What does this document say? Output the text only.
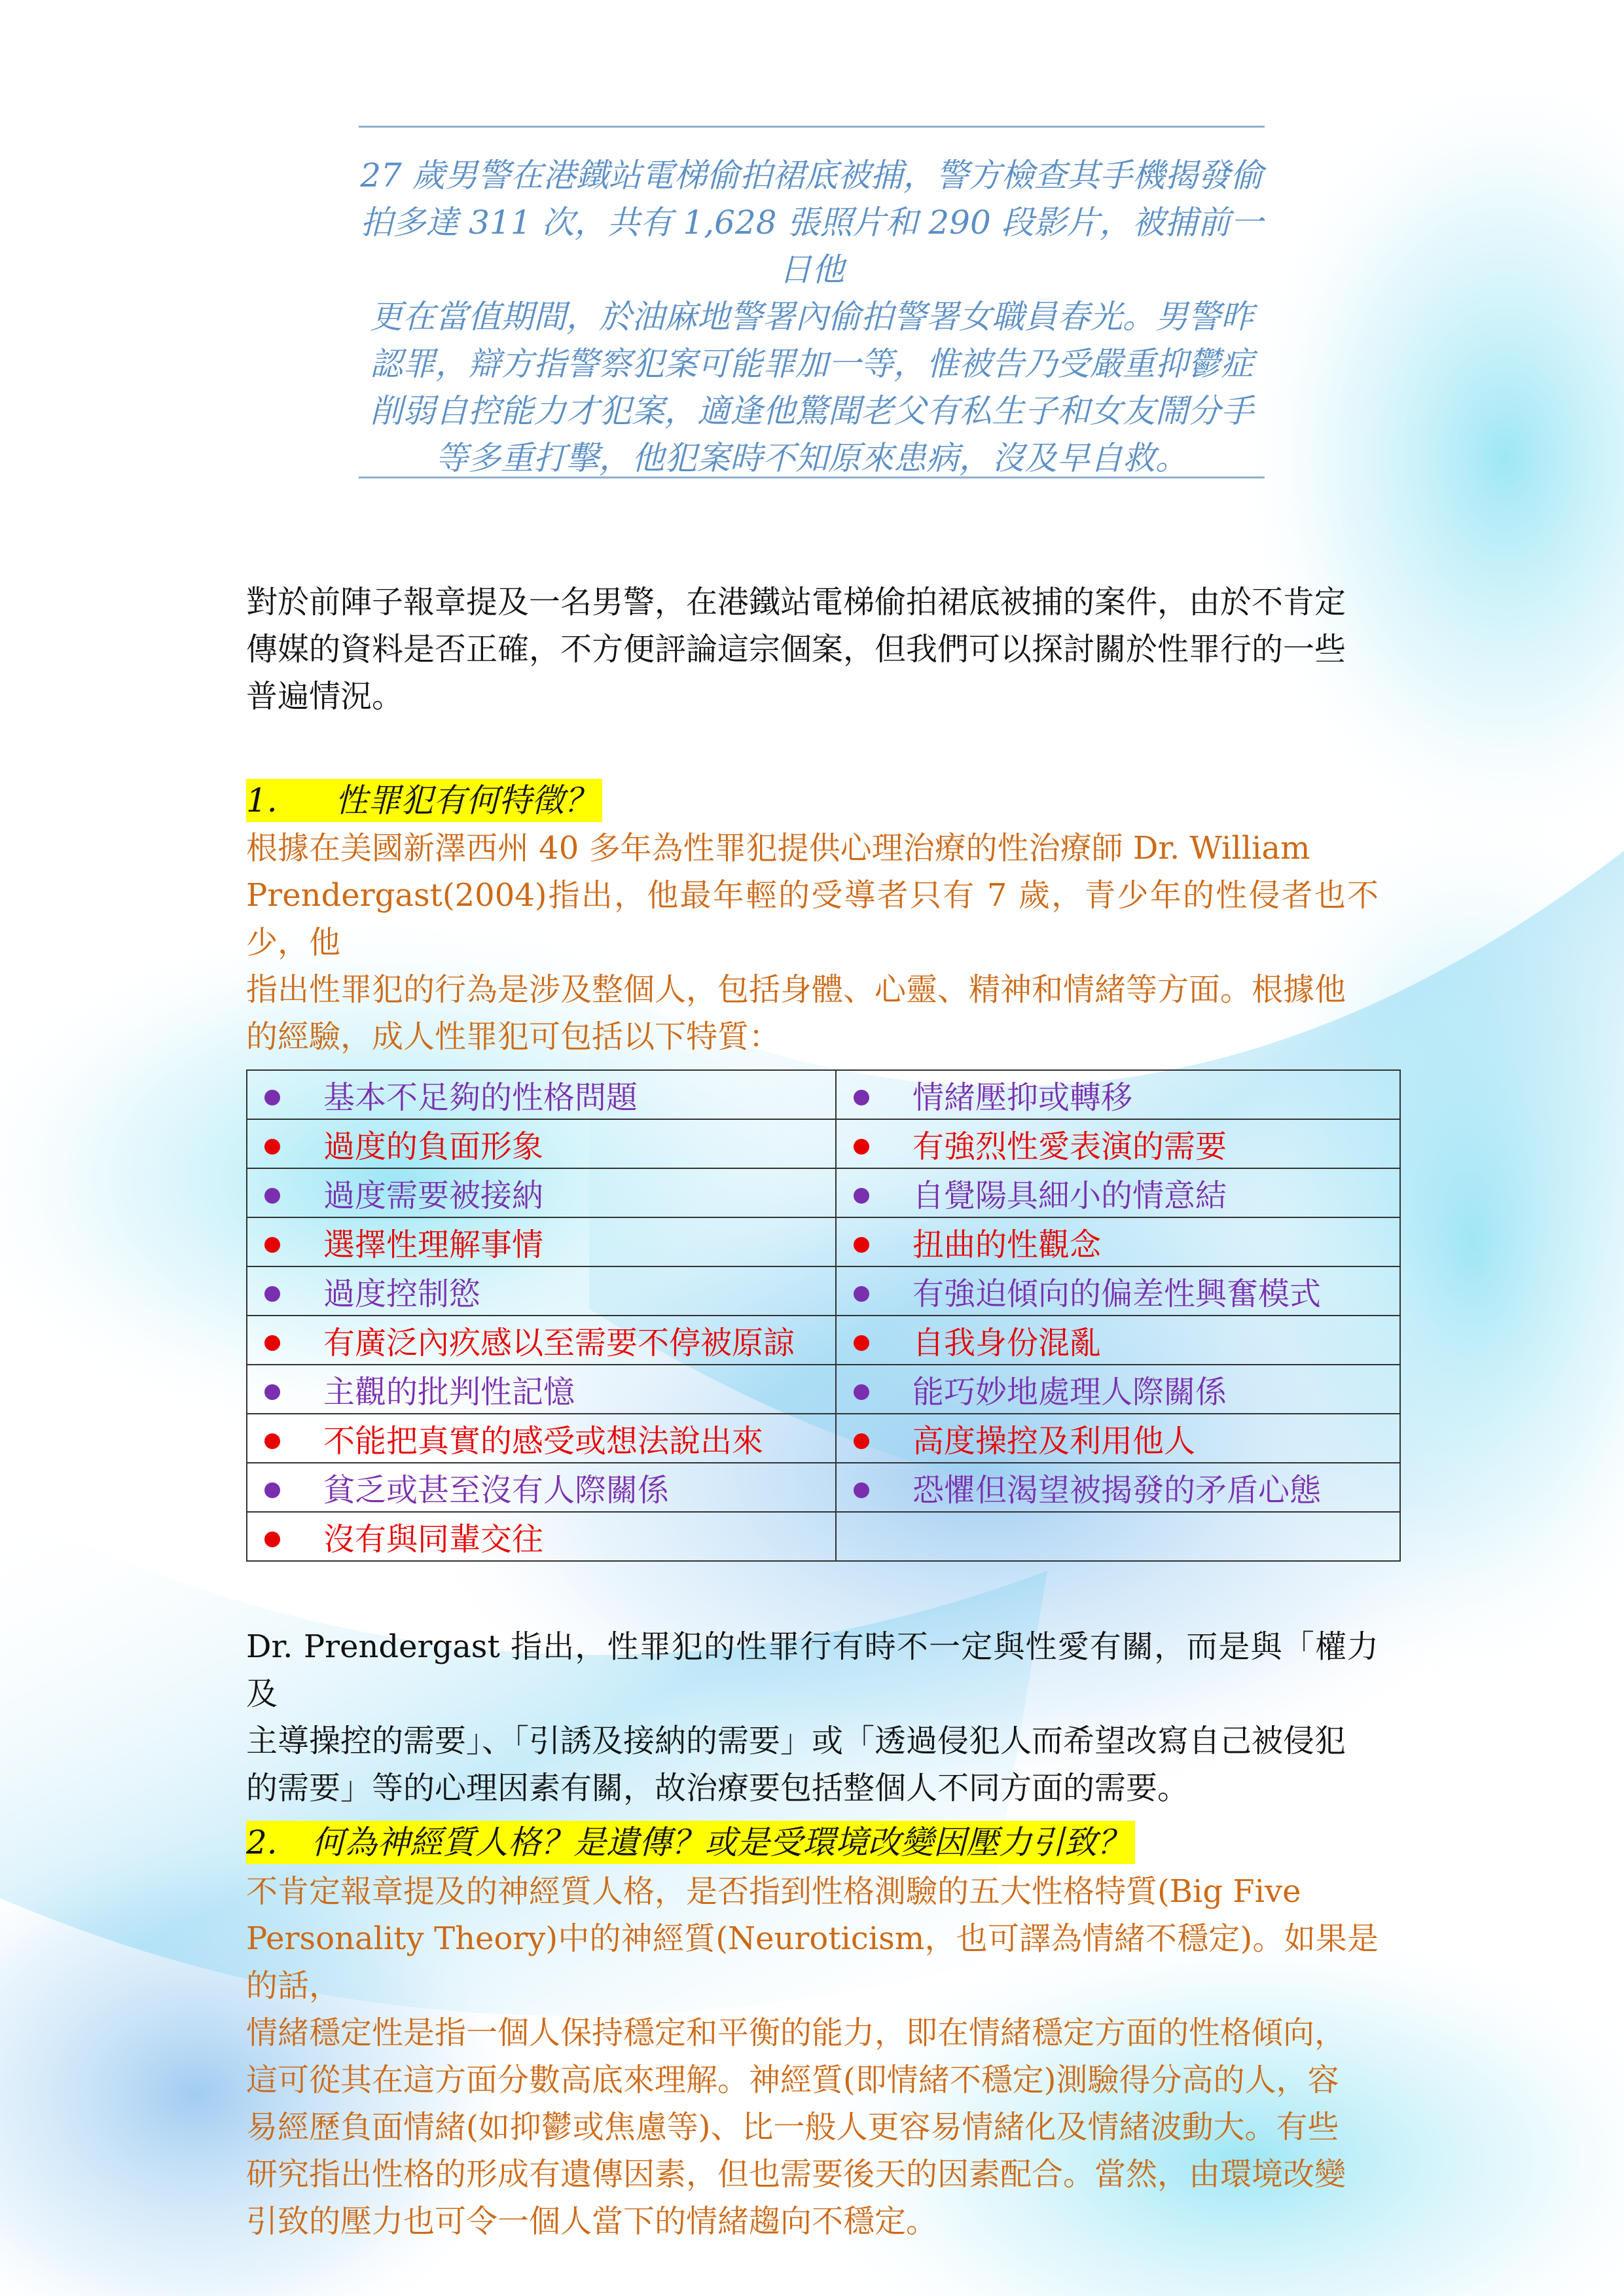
27 歲男警在港鐵站電梯偷拍裙底被捕，警方檢查其手機揭發偷
拍多達 311 次，共有 1,628 張照片和 290 段影片，被捕前一日他
更在當值期間，於油麻地警署內偷拍警署女職員春光。男警昨
認罪，辯方指警察犯案可能罪加一等，惟被告乃受嚴重抑鬱症
削弱自控能力才犯案，適逢他驚聞老父有私生子和女友鬧分手
等多重打擊，他犯案時不知原來患病，沒及早自救。
對於前陣子報章提及一名男警，在港鐵站電梯偷拍裙底被捕的案件，由於不肯定
傳媒的資料是否正確，不方便評論這宗個案，但我們可以探討關於性罪行的一些
普遍情況。
1. 性罪犯有何特徵？
根據在美國新澤西州 40 多年為性罪犯提供心理治療的性治療師 Dr. William
Prendergast(2004)指出，他最年輕的受導者只有 7 歲，青少年的性侵者也不少，他
指出性罪犯的行為是涉及整個人，包括身體、心靈、精神和情緒等方面。根據他
的經驗，成人性罪犯可包括以下特質：
基本不足夠的性格問題	情緒壓抑或轉移
過度的負面形象	有強烈性愛表演的需要
過度需要被接納	自覺陽具細小的情意結
選擇性理解事情	扭曲的性觀念
過度控制慾	有強迫傾向的偏差性興奮模式
有廣泛內疚感以至需要不停被原諒	自我身份混亂
主觀的批判性記憶	能巧妙地處理人際關係
不能把真實的感受或想法說出來	高度操控及利用他人
貧乏或甚至沒有人際關係	恐懼但渴望被揭發的矛盾心態
沒有與同輩交往	
Dr. Prendergast 指出，性罪犯的性罪行有時不一定與性愛有關，而是與「權力及
主導操控的需要」、「引誘及接納的需要」或「透過侵犯人而希望改寫自己被侵犯
的需要」等的心理因素有關，故治療要包括整個人不同方面的需要。
2. 何為神經質人格？是遺傳？或是受環境改變因壓力引致？
不肯定報章提及的神經質人格，是否指到性格測驗的五大性格特質(Big Five
Personality Theory)中的神經質(Neuroticism，也可譯為情緒不穩定)。如果是的話，
情緒穩定性是指一個人保持穩定和平衡的能力，即在情緒穩定方面的性格傾向，
這可從其在這方面分數高底來理解。神經質(即情緒不穩定)測驗得分高的人，容
易經歷負面情緒(如抑鬱或焦慮等)、比一般人更容易情緒化及情緒波動大。有些
研究指出性格的形成有遺傳因素，但也需要後天的因素配合。當然，由環境改變
引致的壓力也可令一個人當下的情緒趨向不穩定。
